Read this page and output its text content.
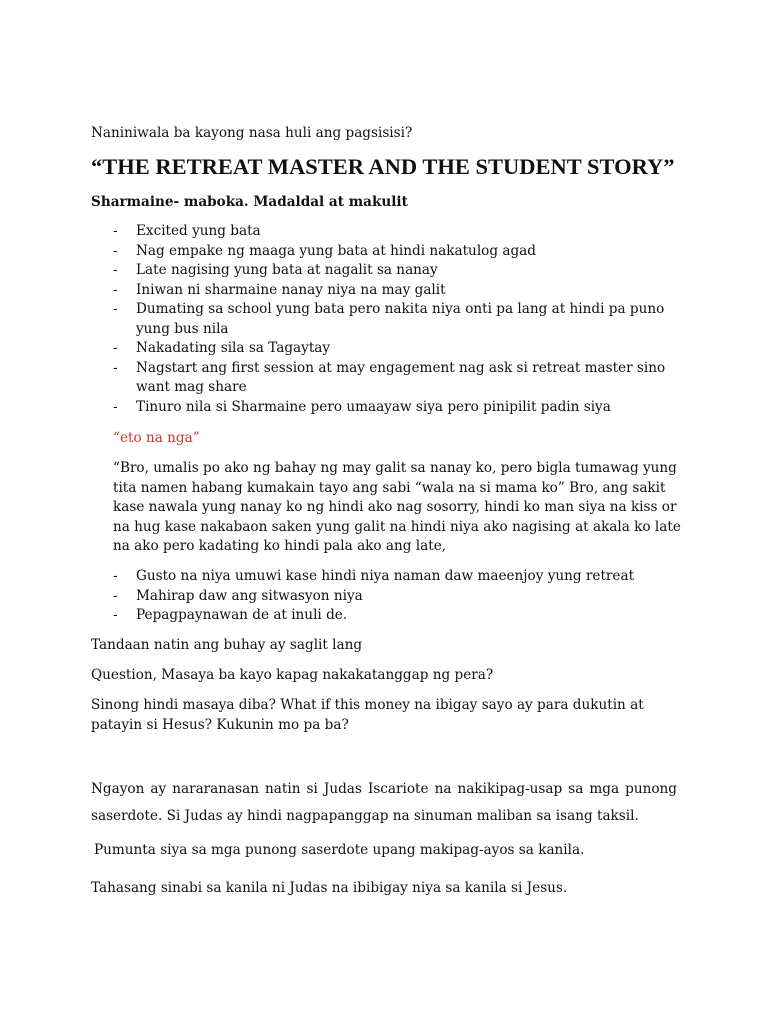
Naniniwala ba kayong nasa huli ang pagsisisi?

“THE RETREAT MASTER AND THE STUDENT STORY”

Sharmaine- maboka. Madaldal at makulit

- Excited yung bata
- Nag empake ng maaga yung bata at hindi nakatulog agad
- Late nagising yung bata at nagalit sa nanay
- Iniwan ni sharmaine nanay niya na may galit
- Dumating sa school yung bata pero nakita niya onti pa lang at hindi pa puno yung bus nila
- Nakadating sila sa Tagaytay
- Nagstart ang first session at may engagement nag ask si retreat master sino want mag share
- Tinuro nila si Sharmaine pero umaayaw siya pero pinipilit padin siya

“eto na nga”

“Bro, umalis po ako ng bahay ng may galit sa nanay ko, pero bigla tumawag yung tita namen habang kumakain tayo ang sabi “wala na si mama ko” Bro, ang sakit kase nawala yung nanay ko ng hindi ako nag sosorry, hindi ko man siya na kiss or na hug kase nakabaon saken yung galit na hindi niya ako nagising at akala ko late na ako pero kadating ko hindi pala ako ang late,

- Gusto na niya umuwi kase hindi niya naman daw maeenjoy yung retreat
- Mahirap daw ang sitwasyon niya
- Pepagpaynawan de at inuli de.

Tandaan natin ang buhay ay saglit lang

Question, Masaya ba kayo kapag nakakatanggap ng pera?

Sinong hindi masaya diba? What if this money na ibigay sayo ay para dukutin at patayin si Hesus? Kukunin mo pa ba?

Ngayon ay nararanasan natin si Judas Iscariote na nakikipag-usap sa mga punong saserdote. Si Judas ay hindi nagpapanggap na sinuman maliban sa isang taksil.

Pumunta siya sa mga punong saserdote upang makipag-ayos sa kanila.

Tahasang sinabi sa kanila ni Judas na ibibigay niya sa kanila si Jesus.
